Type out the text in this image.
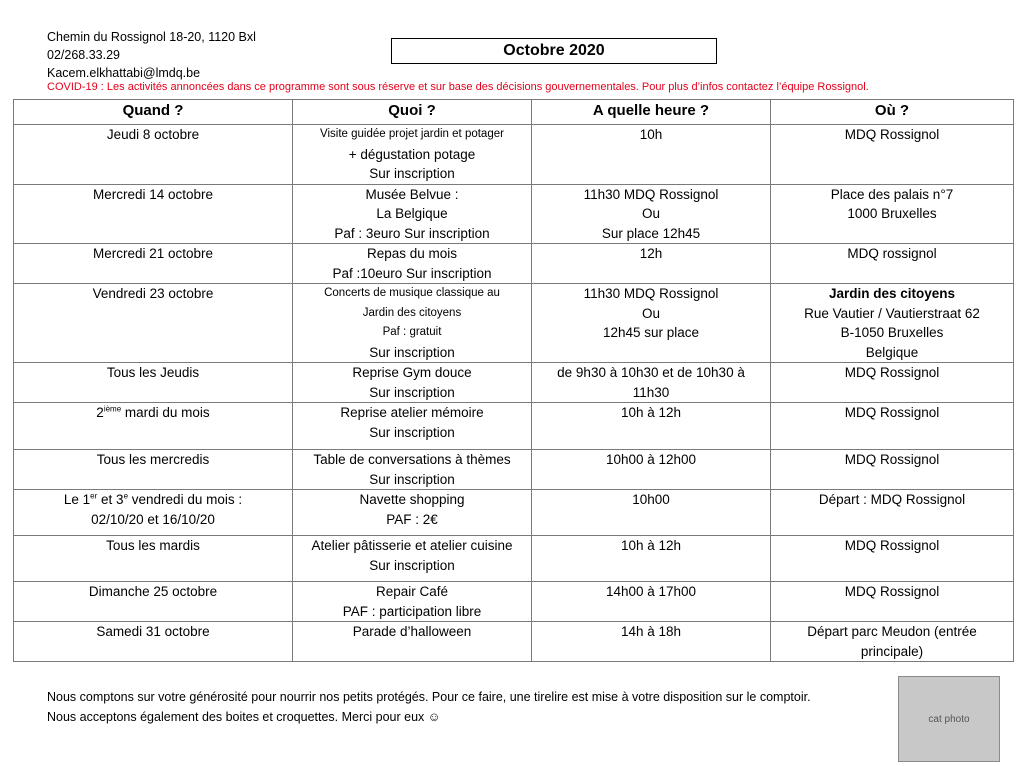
Chemin du Rossignol 18-20, 1120 Bxl
02/268.33.29
Kacem.elkhattabi@lmdq.be
COVID-19 : Les activités annoncées dans ce programme sont sous réserve et sur base des décisions gouvernementales. Pour plus d’infos contactez l’équipe Rossignol.
Octobre 2020
Quand ?	Quoi ?	A quelle heure ?	Où ?

Jeudi 8 octobre	Visite guidée projet jardin et potager
+ dégustation potage
Sur inscription	10h	MDQ Rossignol

Mercredi 14 octobre	Musée Belvue :
La Belgique
Paf : 3euro Sur inscription	11h30 MDQ Rossignol
Ou
Sur place 12h45	Place des palais n°7
1000 Bruxelles

Mercredi 21 octobre	Repas du mois
Paf :10euro Sur inscription	12h	MDQ rossignol

Vendredi 23 octobre	Concerts de musique classique au
Jardin des citoyens
Paf : gratuit
Sur inscription	11h30 MDQ Rossignol
Ou
12h45 sur place	Jardin des citoyens
Rue Vautier / Vautierstraat 62
B-1050 Bruxelles
Belgique

Tous les Jeudis	Reprise Gym douce
Sur inscription	de 9h30 à 10h30 et de 10h30 à
11h30	MDQ Rossignol

2ième mardi du mois	Reprise atelier mémoire
Sur inscription	10h à 12h	MDQ Rossignol

Tous les mercredis	Table de conversations à thèmes
Sur inscription	10h00 à 12h00	MDQ Rossignol

Le 1er et 3e vendredi du mois :
02/10/20 et 16/10/20	Navette shopping
PAF : 2€	10h00	Départ : MDQ Rossignol

Tous les mardis	Atelier pâtisserie et atelier cuisine
Sur inscription	10h à 12h	MDQ Rossignol

Dimanche 25 octobre	Repair Café
PAF : participation libre	14h00 à 17h00	MDQ Rossignol

Samedi 31 octobre	Parade d’halloween	14h à 18h	Départ parc Meudon (entrée
principale)
Nous comptons sur votre générosité pour nourrir nos petits protégés. Pour ce faire, une tirelire est mise à votre disposition sur le comptoir.
Nous acceptons également des boites et croquettes. Merci pour eux ☺	cat photo
